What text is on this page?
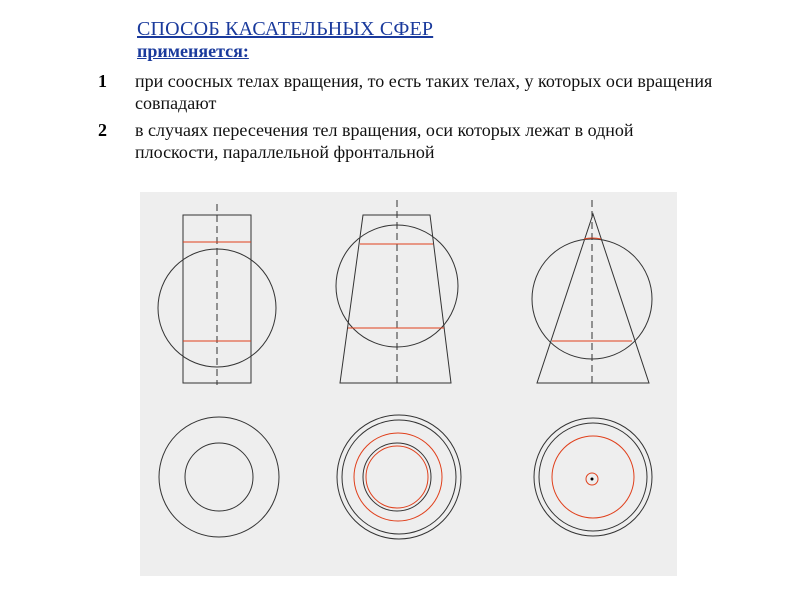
СПОСОБ КАСАТЕЛЬНЫХ СФЕР
применяется:
1 при соосных телах вращения, то есть таких телах, у которых оси вращения совпадают
2 в случаях пересечения тел вращения, оси которых лежат в одной плоскости, параллельной фронтальной
